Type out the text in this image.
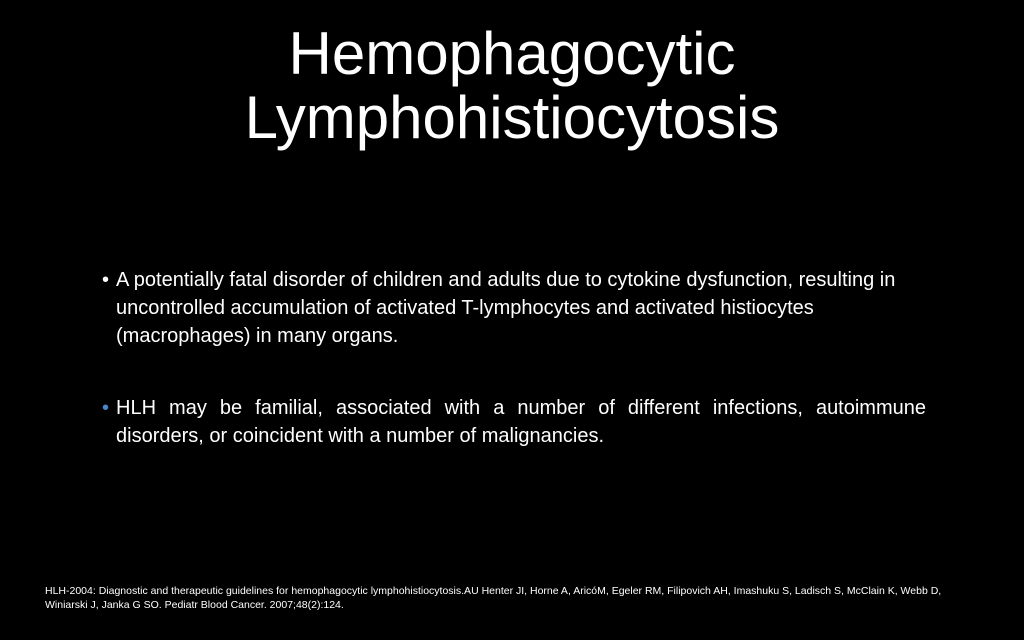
Hemophagocytic
Lymphohistiocytosis
• A potentially fatal disorder of children and adults due to cytokine dysfunction, resulting in uncontrolled accumulation of activated T-lymphocytes and activated histiocytes (macrophages) in many organs.
• HLH may be familial, associated with a number of different infections, autoimmune disorders, or coincident with a number of malignancies.
HLH-2004: Diagnostic and therapeutic guidelines for hemophagocytic lymphohistiocytosis.AU Henter JI, Horne A, AricóM, Egeler RM, Filipovich AH, Imashuku S, Ladisch S, McClain K, Webb D, Winiarski J, Janka G SO. Pediatr Blood Cancer. 2007;48(2):124.
